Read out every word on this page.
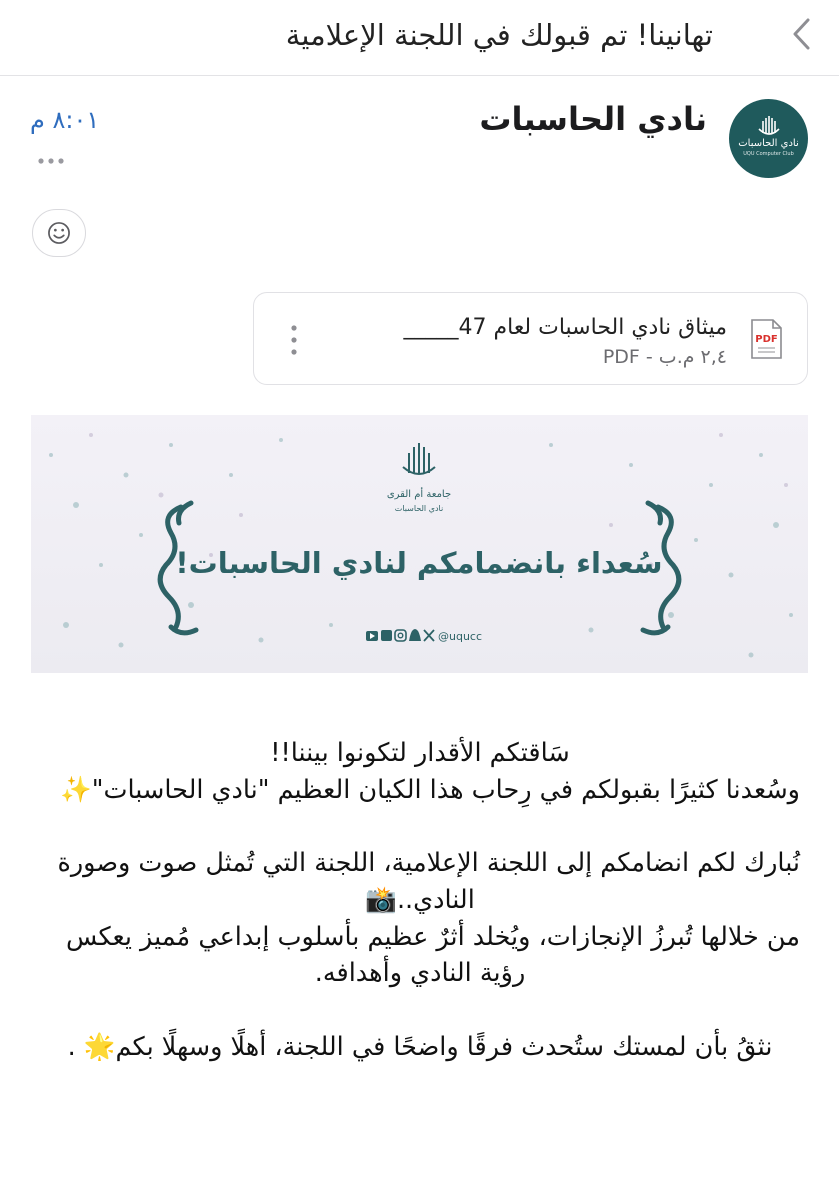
تهانينا! تم قبولك في اللجنة الإعلامية
نادي الحاسبات
UQU Computer Club
نادي الحاسبات
٨:٠١ م
PDF
ميثاق نادي الحاسبات لعام 47_____
٢,٤ م.ب - PDF
جامعة أم القرى
نادي الحاسبات
سُعداء بانضمامكم لنادي الحاسبات!
@uqucc
سَاقتكم الأقدار لتكونوا بيننا!!
وسُعدنا كثيرًا بقبولكم في رِحاب هذا الكيان العظيم "نادي الحاسبات"✨
نُبارك لكم انضامكم إلى اللجنة الإعلامية، اللجنة التي تُمثل صوت وصورة
النادي..📸
من خلالها تُبرزُ الإنجازات، ويُخلد أثرٌ عظيم بأسلوب إبداعي مُميز يعكس
رؤية النادي وأهدافه.
نثقُ بأن لمستك ستُحدث فرقًا واضحًا في اللجنة، أهلًا وسهلًا بكم🌟 .
